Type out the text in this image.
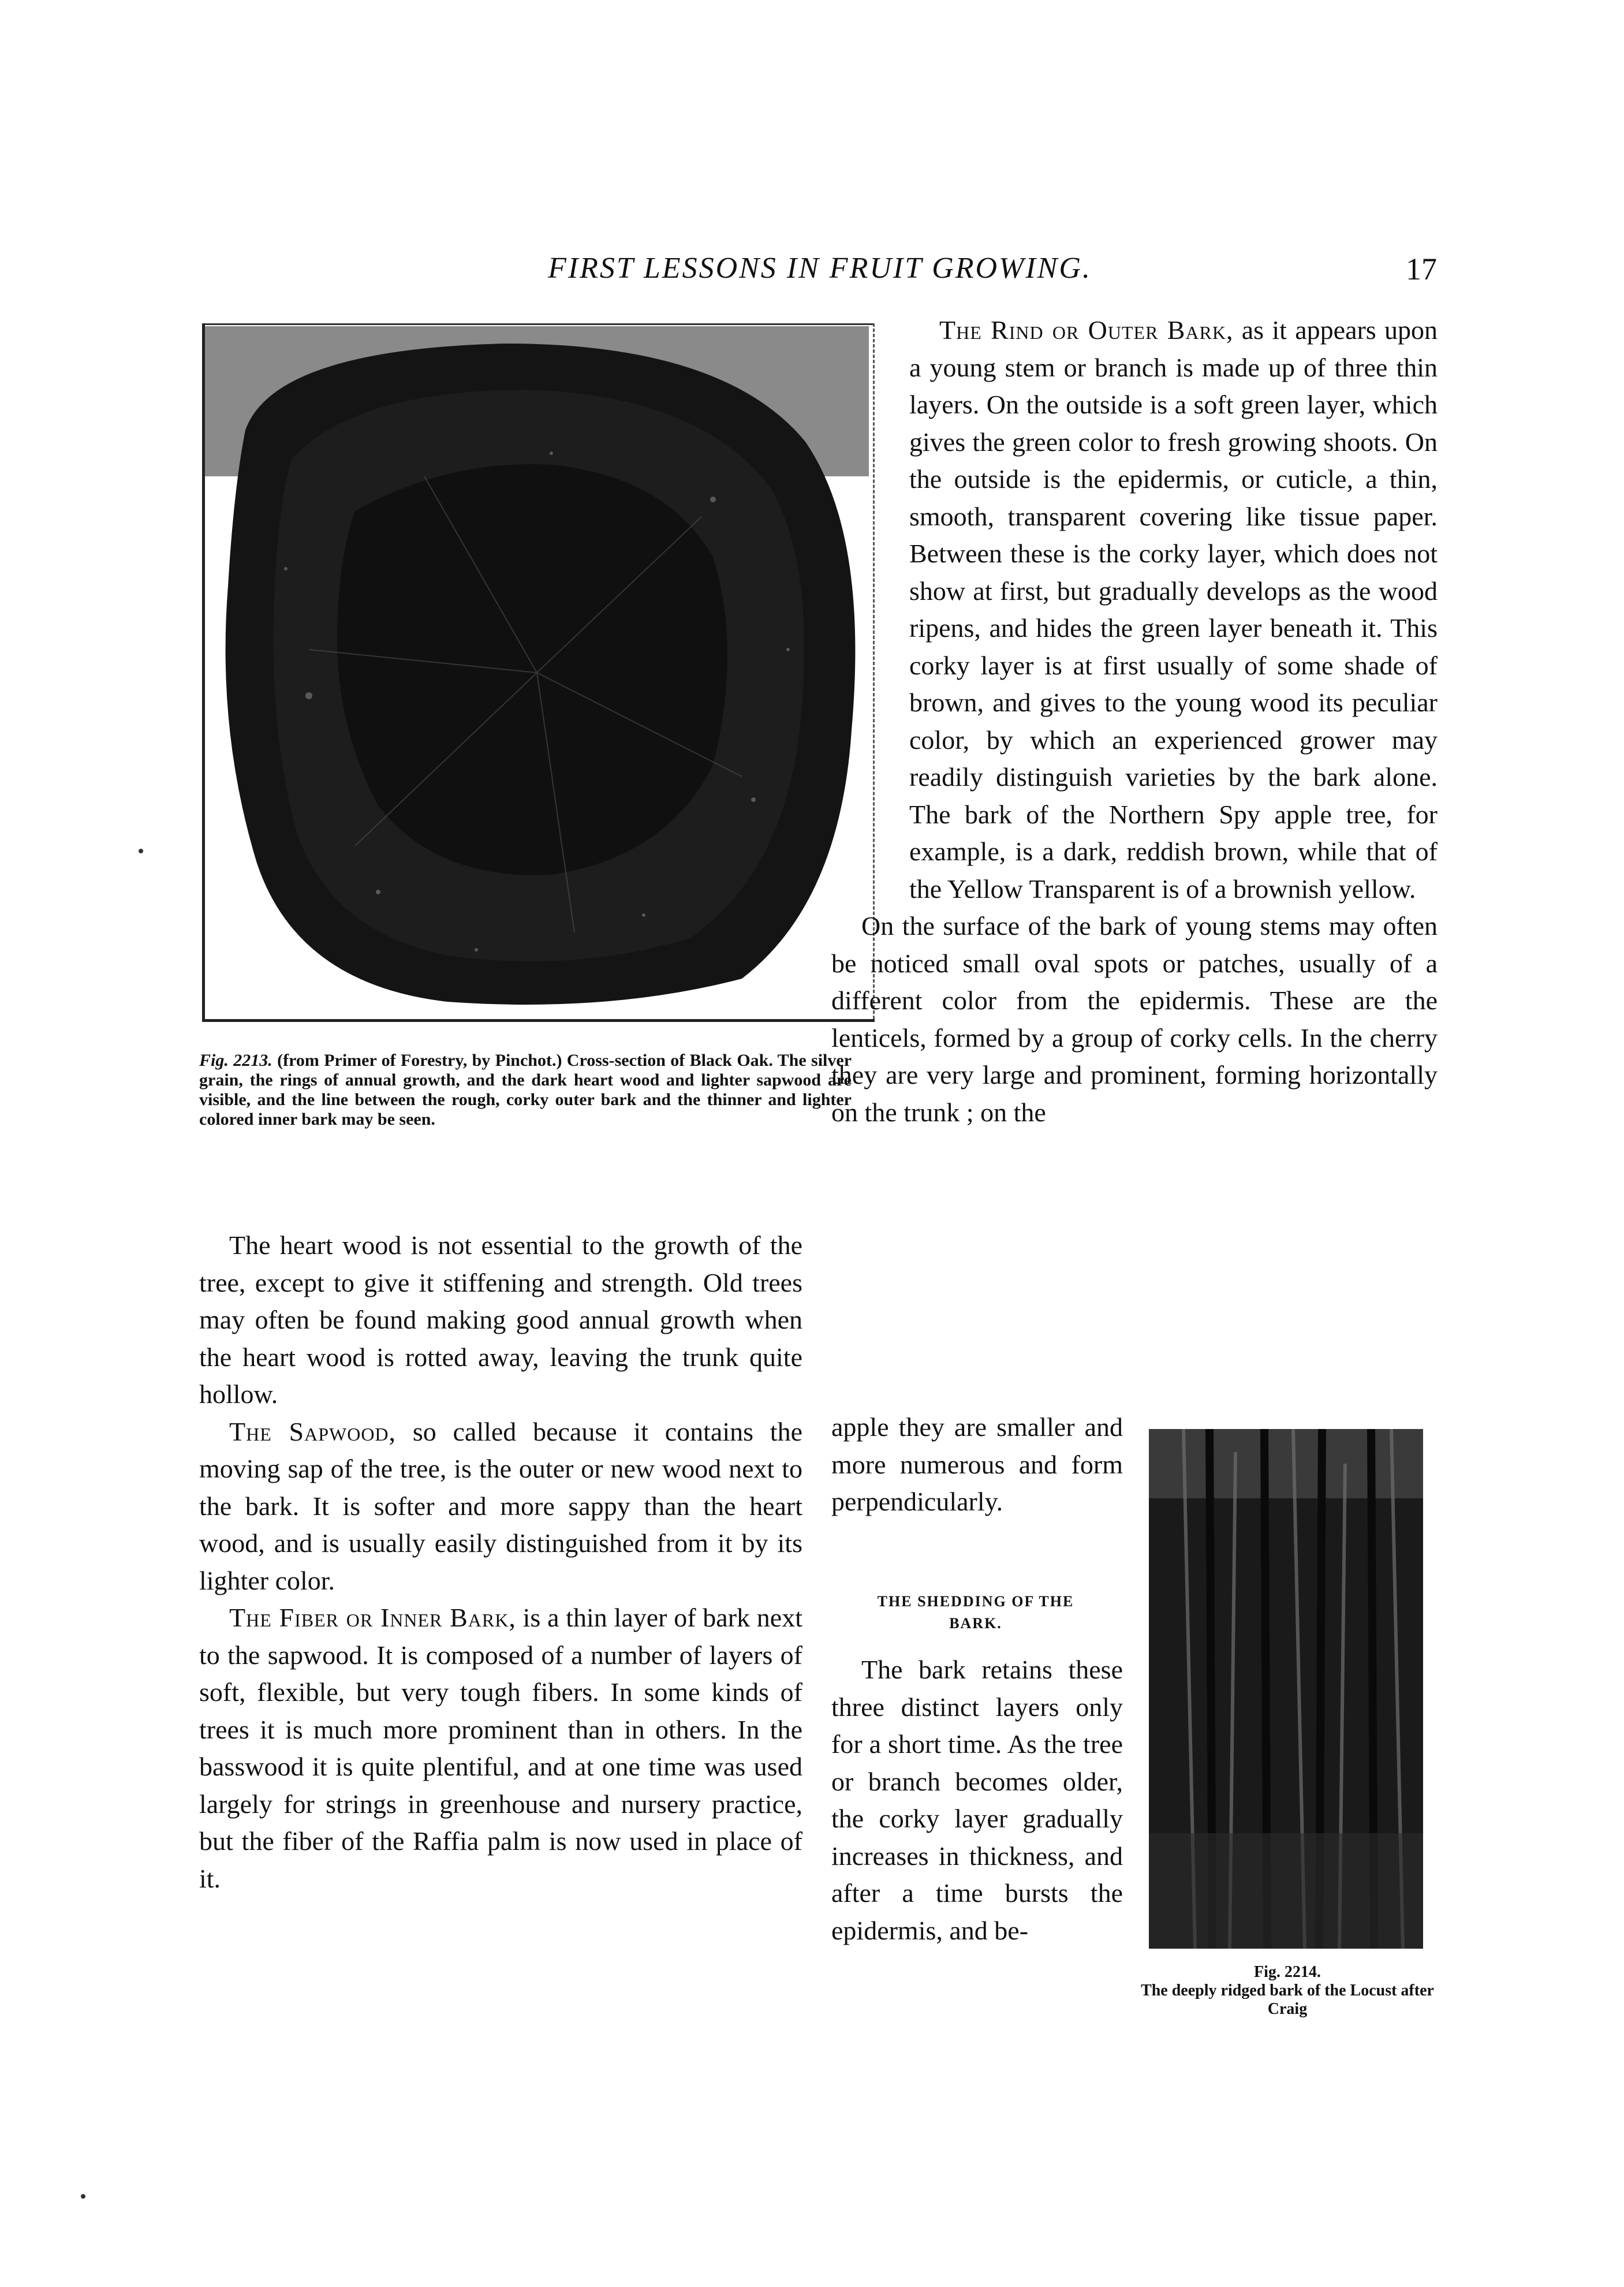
FIRST LESSONS IN FRUIT GROWING.	17
Fig. 2213. (from Primer of Forestry, by Pinchot.) Cross-section of Black Oak. The silver grain, the rings of annual growth, and the dark heart wood and lighter sapwood are visible, and the line between the rough, corky outer bark and the thinner and lighter colored inner bark may be seen.

The heart wood is not essential to the growth of the tree, except to give it stiffening and strength. Old trees may often be found making good annual growth when the heart wood is rotted away, leaving the trunk quite hollow.

The Sapwood, so called because it contains the moving sap of the tree, is the outer or new wood next to the bark. It is softer and more sappy than the heart wood, and is usually easily distinguished from it by its lighter color.

The Fiber or Inner Bark, is a thin layer of bark next to the sapwood. It is composed of a number of layers of soft, flexible, but very tough fibers. In some kinds of trees it is much more prominent than in others. In the basswood it is quite plentiful, and at one time was used largely for strings in greenhouse and nursery practice, but the fiber of the Raffia palm is now used in place of it.

The Rind or Outer Bark, as it appears upon a young stem or branch is made up of three thin layers. On the outside is a soft green layer, which gives the green color to fresh growing shoots. On the outside is the epidermis, or cuticle, a thin, smooth, transparent covering like tissue paper. Between these is the corky layer, which does not show at first, but gradually develops as the wood ripens, and hides the green layer beneath it. This corky layer is at first usually of some shade of brown, and gives to the young wood its peculiar color, by which an experienced grower may readily distinguish varieties by the bark alone. The bark of the Northern Spy apple tree, for example, is a dark, reddish brown, while that of the Yellow Transparent is of a brownish yellow.

On the surface of the bark of young stems may often be noticed small oval spots or patches, usually of a different color from the epidermis. These are the lenticels, formed by a group of corky cells. In the cherry they are very large and prominent, forming horizontally on the trunk ; on the

apple they are smaller and more numerous and form perpendicularly.

THE SHEDDING OF THE BARK.

The bark retains these three distinct layers only for a short time. As the tree or branch becomes older, the corky layer gradually increases in thickness, and after a time bursts the epidermis, and be-

Fig. 2214.
The deeply ridged bark of the Locust after Craig
